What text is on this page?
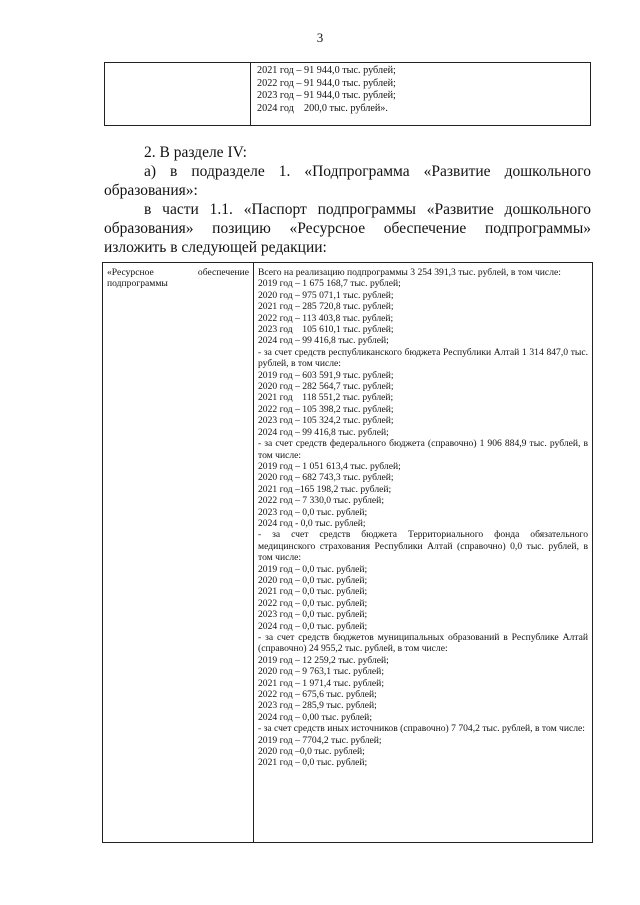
3

2021 год – 91 944,0 тыс. рублей;
2022 год – 91 944,0 тыс. рублей;
2023 год – 91 944,0 тыс. рублей;
2024 год    200,0 тыс. рублей».
2. В разделе IV:
а) в подразделе 1. «Подпрограмма «Развитие дошкольного образования»:
в части 1.1. «Паспорт подпрограммы «Развитие дошкольного образования» позицию «Ресурсное обеспечение подпрограммы» изложить в следующей редакции:
«Ресурсное обеспечение
подпрограммы

Всего на реализацию подпрограммы 3 254 391,3 тыс. рублей, в том числе:
2019 год – 1 675 168,7 тыс. рублей;
2020 год – 975 071,1 тыс. рублей;
2021 год – 285 720,8 тыс. рублей;
2022 год – 113 403,8 тыс. рублей;
2023 год    105 610,1 тыс. рублей;
2024 год – 99 416,8 тыс. рублей;
- за счет средств республиканского бюджета Республики Алтай 1 314 847,0 тыс. рублей, в том числе:
2019 год – 603 591,9 тыс. рублей;
2020 год – 282 564,7 тыс. рублей;
2021 год    118 551,2 тыс. рублей;
2022 год – 105 398,2 тыс. рублей;
2023 год – 105 324,2 тыс. рублей;
2024 год – 99 416,8 тыс. рублей;
- за счет средств федерального бюджета (справочно) 1 906 884,9 тыс. рублей, в том числе:
2019 год – 1 051 613,4 тыс. рублей;
2020 год – 682 743,3 тыс. рублей;
2021 год –165 198,2 тыс. рублей;
2022 год – 7 330,0 тыс. рублей;
2023 год – 0,0 тыс. рублей;
2024 год - 0,0 тыс. рублей;
- за счет средств бюджета Территориального фонда обязательного медицинского страхования Республики Алтай (справочно) 0,0 тыс. рублей, в том числе:
2019 год – 0,0 тыс. рублей;
2020 год – 0,0 тыс. рублей;
2021 год – 0,0 тыс. рублей;
2022 год – 0,0 тыс. рублей;
2023 год – 0,0 тыс. рублей;
2024 год – 0,0 тыс. рублей;
- за счет средств бюджетов муниципальных образований в Республике Алтай (справочно) 24 955,2 тыс. рублей, в том числе:
2019 год – 12 259,2 тыс. рублей;
2020 год – 9 763,1 тыс. рублей;
2021 год – 1 971,4 тыс. рублей;
2022 год – 675,6 тыс. рублей;
2023 год – 285,9 тыс. рублей;
2024 год – 0,00 тыс. рублей;
- за счет средств иных источников (справочно) 7 704,2 тыс. рублей, в том числе:
2019 год – 7704,2 тыс. рублей;
2020 год –0,0 тыс. рублей;
2021 год – 0,0 тыс. рублей;
